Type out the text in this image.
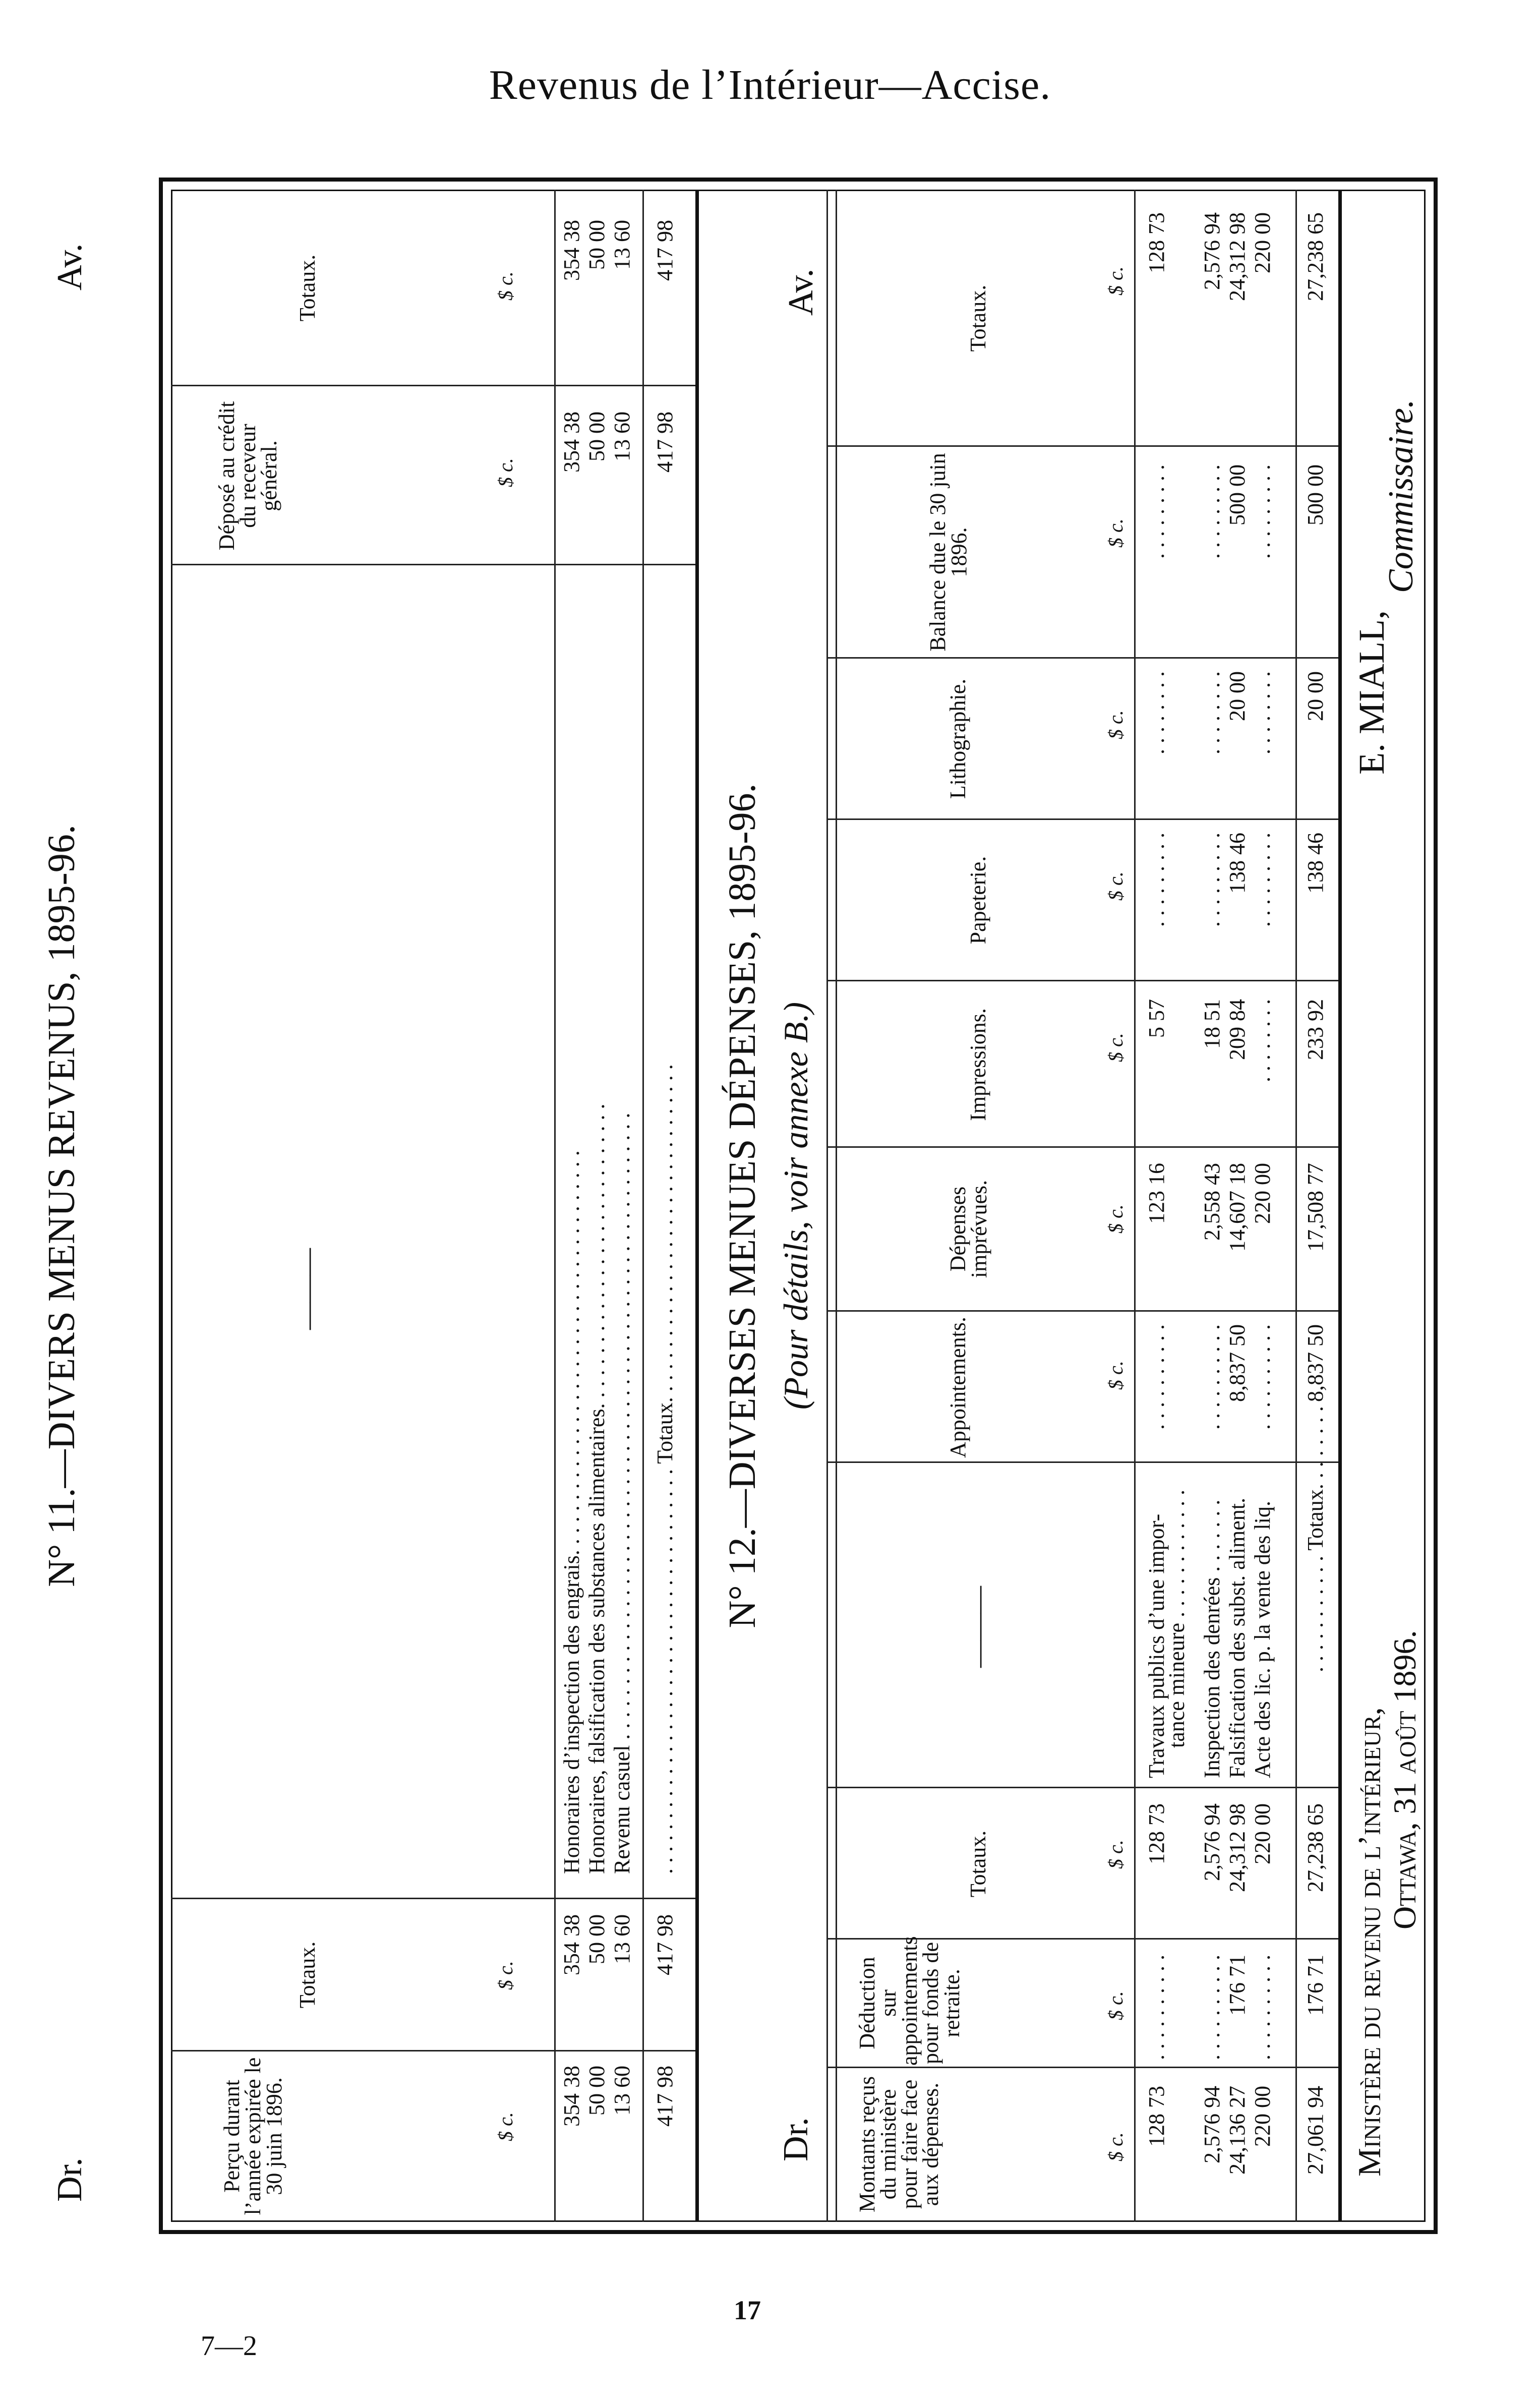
Revenus de l’Intérieur—Accise.
N° 11.—DIVERS MENUS REVENUS, 1895-96.
Dr.
Av.
Perçu durant l’année expirée le 30 juin 1896.
Totaux.
———
Déposé au crédit du receveur général.
Totaux.
$ c.
$ c.
$ c.
$ c.
354 38
354 38
Honoraires d’inspection des engrais. . . . . . . . . . . . . . . . . . . . . . . . . . . . . . . . . . . . .
354 38
354 38
50 00
50 00
Honoraires, falsification des substances alimentaires. . . . . . . . . . . . . . . . . . . . . . . . . . . .
50 00
50 00
13 60
13 60
Revenu casuel . . . . . . . . . . . . . . . . . . . . . . . . . . . . . . . . . . . . . . . . . . . . . . . . . . . . . . . . .
13 60
13 60
417 98
417 98
. . . . . . . . . . . . . . . . . . . . . . . . . . . . . . . . . . . . . Totaux. . . . . . . . . . . . . . . . . . . . . . . . . . . . . . .
417 98
417 98
N° 12.—DIVERSES MENUES DÉPENSES, 1895-96. (Pour détails, voir annexe B.)
Dr.
Av.
Montants reçus du ministère pour faire face aux dépenses.
Déduction sur appointements pour fonds de retraite.
Totaux.
———
Appointements.
Dépenses imprévues.
Impressions.
Papeterie.
Lithographie.
Balance due le 30 juin 1896.
Totaux.
$ c.
$ c.
$ c.
$ c.
$ c.
$ c.
$ c.
$ c.
$ c.
$ c.
128 73
. . . . . . . . . .
128 73
. . . . . . . . . .
123 16
5 57
. . . . . . . . .
. . . . . . . .
. . . . . . . . .
128 73
Travaux publics d’une impor-
tance mineure . . . . . . . . . . . .
2,576 94
. . . . . . . . . .
2,576 94
. . . . . . . . . .
2,558 43
18 51
. . . . . . . . .
. . . . . . . .
. . . . . . . . .
2,576 94
Inspection des denrées . . . . . . .
24,136 27
176 71
24,312 98
8,837 50
14,607 18
209 84
138 46
20 00
500 00
24,312 98
Falsification des subst. aliment.
220 00
. . . . . . . . . .
220 00
. . . . . . . . . .
220 00
. . . . . . . .
. . . . . . . . .
. . . . . . . .
. . . . . . . . .
220 00
Acte des lic. p. la vente des liq.
27,061 94
176 71
27,238 65
. . . . . . . . . . . Totaux. . . . . . . .
8,837 50
17,508 77
233 92
138 46
20 00
500 00
27,238 65
Ministère du revenu de l’intérieur, Ottawa, 31 août 1896.
E. MIALL,
Commissaire.
17
7—2
